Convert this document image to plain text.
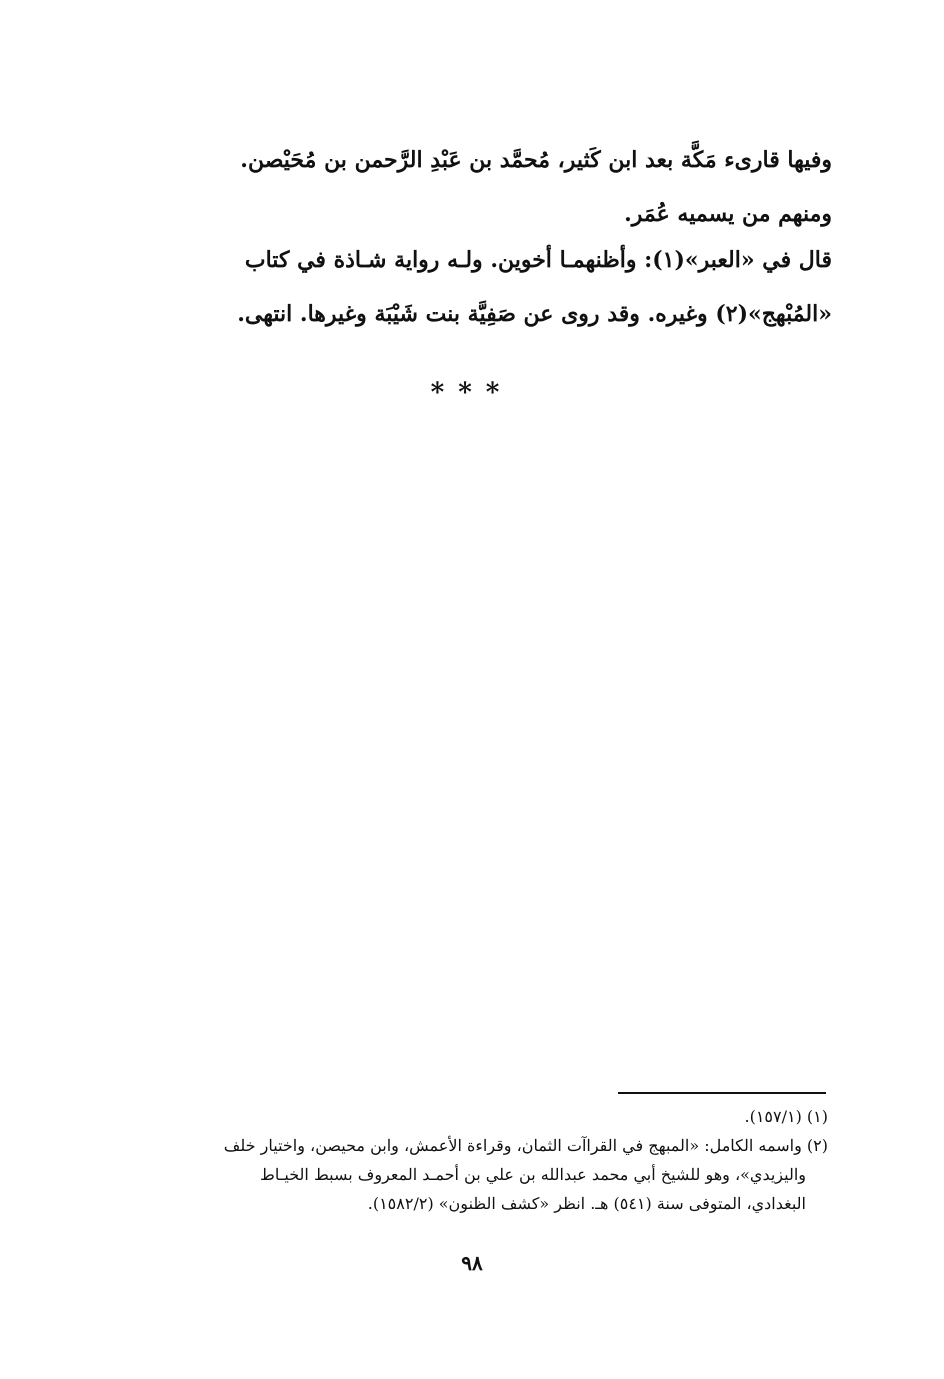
وفيها قارىء مَكَّة بعد ابن كَثير، مُحمَّد بن عَبْدِ الرَّحمن بن مُحَيْصن.
ومنهم من يسميه عُمَر.
قال في «العبر»(١): وأظنهمـا أخوين. ولـه رواية شـاذة في كتاب
«المُبْهج»(٢) وغيره. وقد روى عن صَفِيَّة بنت شَيْبَة وغيرها. انتهى.
***
(١) (١٥٧/١).
(٢) واسمه الكامل: «المبهج في القراآت الثمان، وقراءة الأعمش، وابن محيصن، واختيار خلف
واليزيدي»، وهو للشيخ أبي محمد عبدالله بن علي بن أحمـد المعروف بسبط الخيـاط
البغدادي، المتوفى سنة (٥٤١) هـ. انظر «كشف الظنون» (١٥٨٢/٢).
٩٨
